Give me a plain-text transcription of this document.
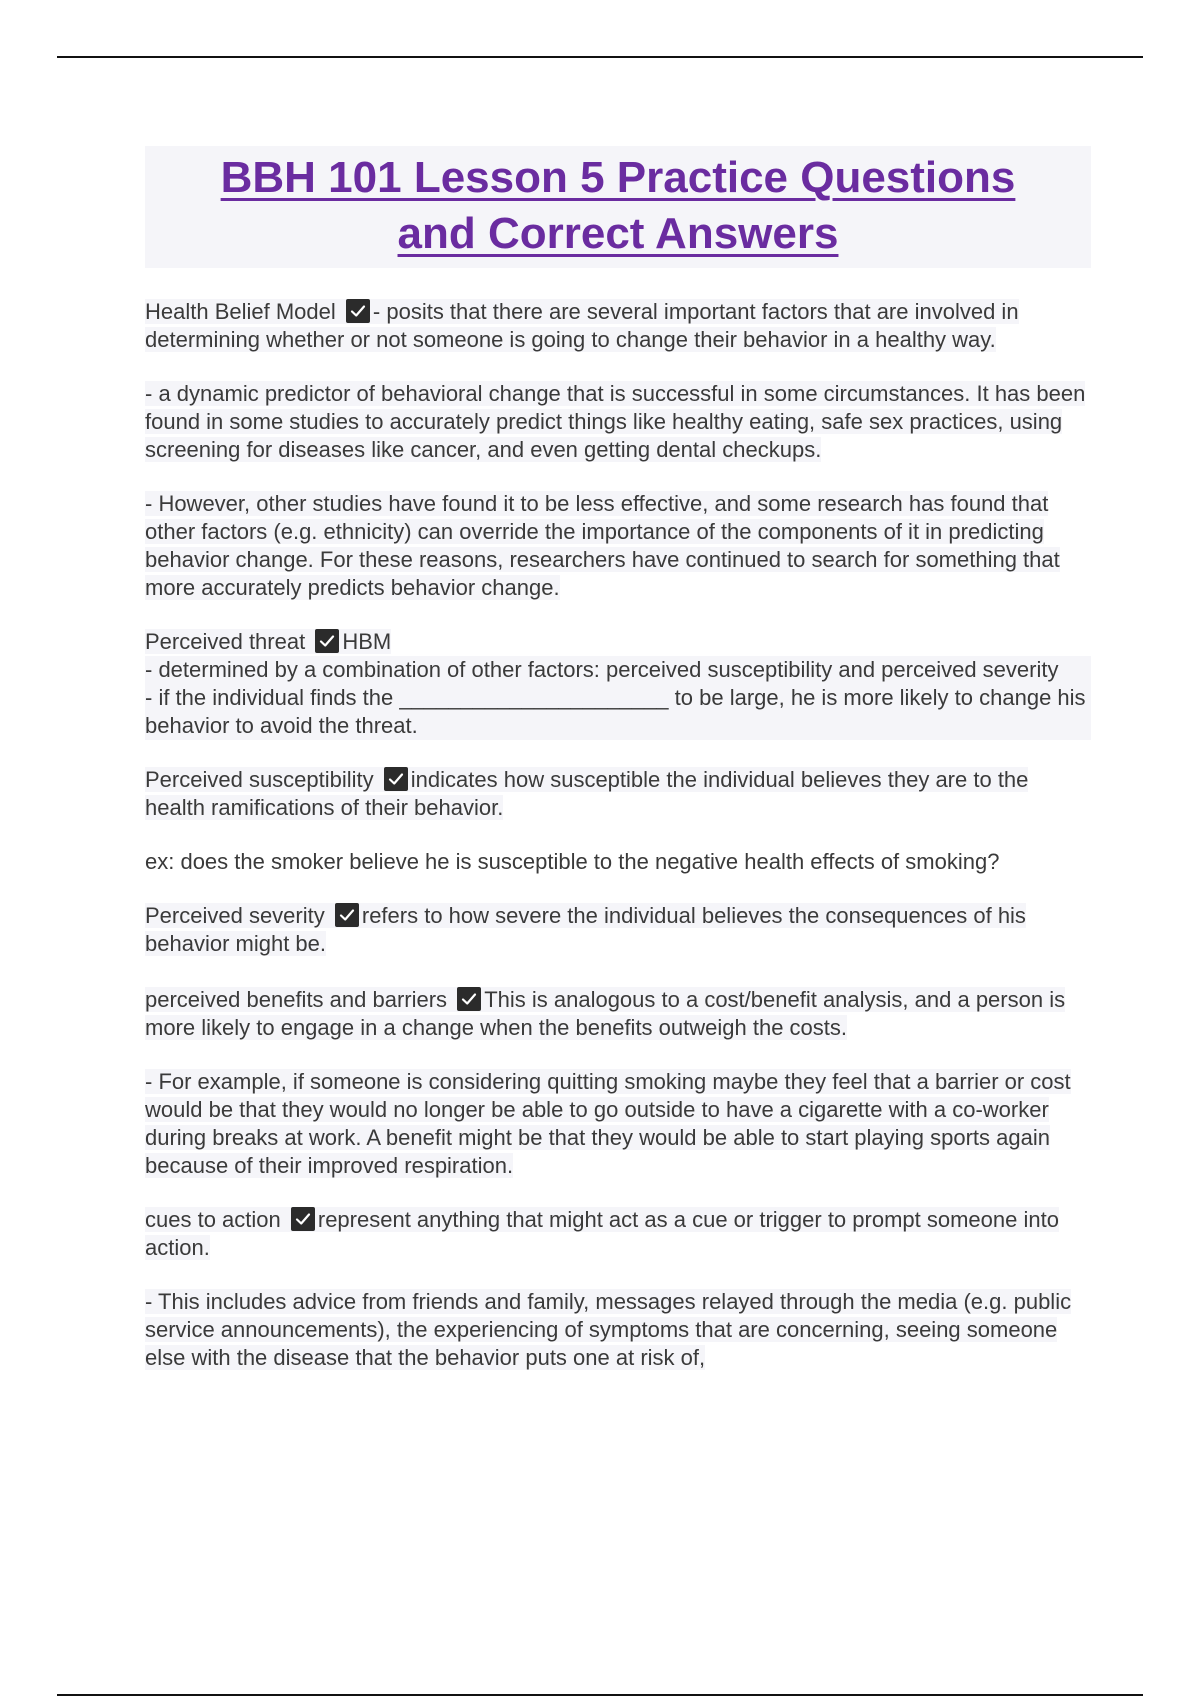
BBH 101 Lesson 5 Practice Questions
and Correct Answers

Health Belief Model - posits that there are several important factors that are involved in determining whether or not someone is going to change their behavior in a healthy way.

- a dynamic predictor of behavioral change that is successful in some circumstances. It has been found in some studies to accurately predict things like healthy eating, safe sex practices, using screening for diseases like cancer, and even getting dental checkups.

- However, other studies have found it to be less effective, and some research has found that other factors (e.g. ethnicity) can override the importance of the components of it in predicting behavior change. For these reasons, researchers have continued to search for something that more accurately predicts behavior change.

Perceived threat HBM
- determined by a combination of other factors: perceived susceptibility and perceived severity
- if the individual finds the ______________________ to be large, he is more likely to change his behavior to avoid the threat.

Perceived susceptibility indicates how susceptible the individual believes they are to the health ramifications of their behavior.

ex: does the smoker believe he is susceptible to the negative health effects of smoking?

Perceived severity refers to how severe the individual believes the consequences of his behavior might be.

perceived benefits and barriers This is analogous to a cost/benefit analysis, and a person is more likely to engage in a change when the benefits outweigh the costs.

- For example, if someone is considering quitting smoking maybe they feel that a barrier or cost would be that they would no longer be able to go outside to have a cigarette with a co-worker during breaks at work. A benefit might be that they would be able to start playing sports again because of their improved respiration.

cues to action represent anything that might act as a cue or trigger to prompt someone into action.

- This includes advice from friends and family, messages relayed through the media (e.g. public service announcements), the experiencing of symptoms that are concerning, seeing someone else with the disease that the behavior puts one at risk of,
